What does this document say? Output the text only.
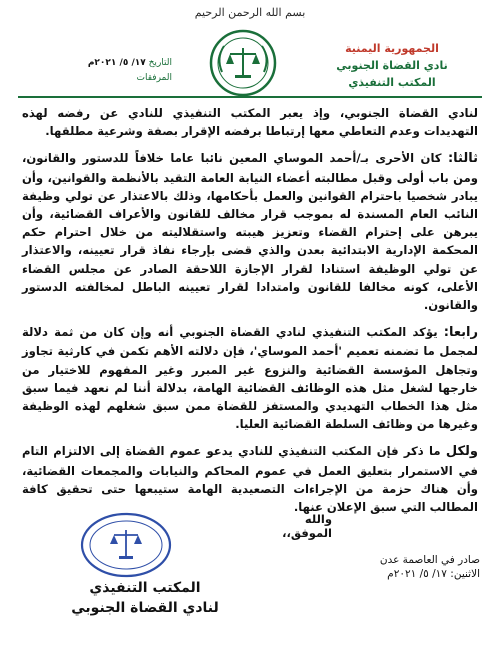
بسم الله الرحمن الرحيم
الجمهورية اليمنية
نادي القضاة الجنوبي
المكتب التنفيذي
التاريخ ١٧/ ٥/ ٢٠٢١م
المرفقات

لنادي القضاة الجنوبي، وإذ يعبر المكتب التنفيذي للنادي عن رفضه لهذه التهديدات وعدم التعاطي معها إرتباطا برفضه الإقرار بصفة وشرعية مطلقها.

ثالثا: كان الأحرى بـ/أحمد الموساي المعين نائبا عاما خلافاً للدستور والقانون، ومن باب أولى وقبل مطالبته أعضاء النيابة العامة التقيد بالأنظمة والقوانين، وأن يبادر شخصيا باحترام القوانين والعمل بأحكامها، وذلك بالاعتذار عن تولي وظيفة النائب العام المسندة له بموجب قرار مخالف للقانون والأعراف القضائية، وأن يبرهن على إحترام القضاء وتعزيز هيبته واستقلاليته من خلال احترام حكم المحكمة الإدارية الابتدائية بعدن والذي قضى بإرجاء نفاذ قرار تعيينه، والاعتذار عن تولي الوظيفة استنادا لقرار الإجازة اللاحقة الصادر عن مجلس القضاء الأعلى، كونه مخالفا للقانون وامتدادا لقرار تعيينه الباطل لمخالفته الدستور والقانون.

رابعا: يؤكد المكتب التنفيذي لنادي القضاة الجنوبي أنه وإن كان من ثمة دلالة لمجمل ما تضمنه تعميم 'أحمد الموساي'، فإن دلالته الأهم تكمن في كارثية تجاوز وتجاهل المؤسسة القضائية والنزوع غير المبرر وغير المفهوم للاختيار من خارجها لشغل مثل هذه الوظائف القضائية الهامة، بدلالة أننا لم نعهد فيما سبق مثل هذا الخطاب التهديدي والمستفز للقضاة ممن سبق شغلهم لهذه الوظيفة وغيرها من وظائف السلطة القضائية العليا.

ولكل ما ذكر فإن المكتب التنفيذي للنادي يدعو عموم القضاة إلى الالتزام التام في الاستمرار بتعليق العمل في عموم المحاكم والنيابات والمجمعات القضائية، وأن هناك حزمة من الإجراءات التصعيدية الهامة ستيبعها حتى تحقيق كافة المطالب التي سبق الإعلان عنها.

والله الموفق،،
صادر في العاصمة عدن
الاثنين: ١٧/ ٥/ ٢٠٢١م
المكتب التنفيذي
لنادي القضاة الجنوبي
